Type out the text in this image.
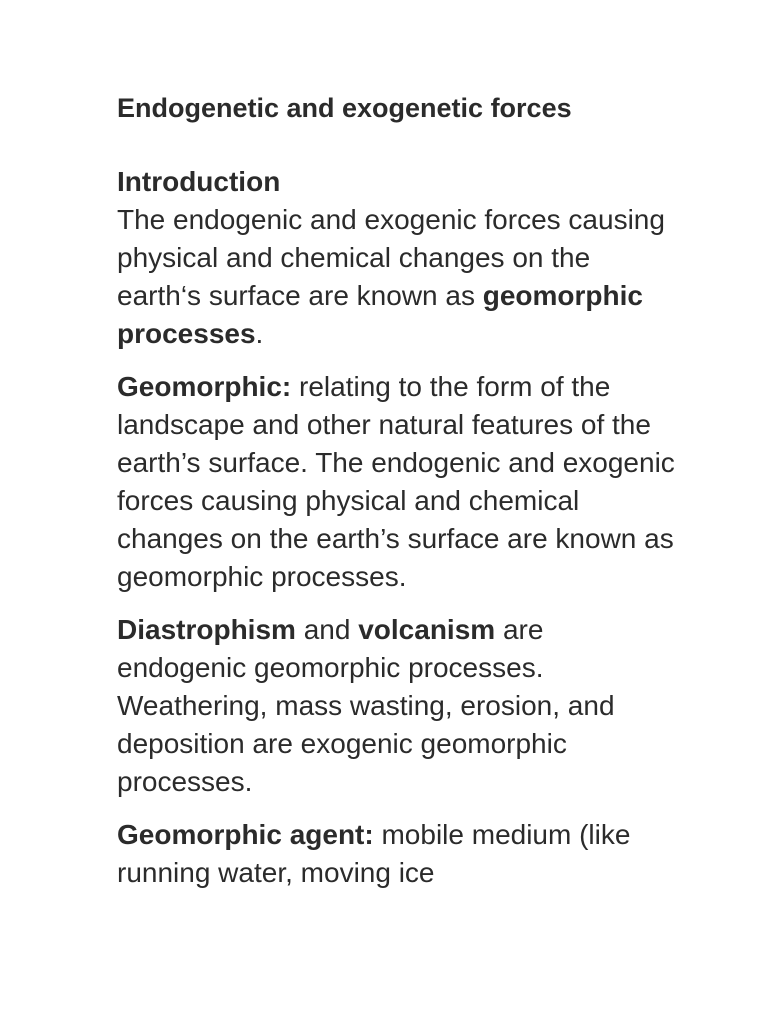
Endogenetic and exogenetic forces
Introduction

The endogenic and exogenic forces causing physical and chemical changes on the earth‘s surface are known as geomorphic processes.

Geomorphic: relating to the form of the landscape and other natural features of the earth’s surface. The endogenic and exogenic forces causing physical and chemical changes on the earth’s surface are known as geomorphic processes.

Diastrophism and volcanism are endogenic geomorphic processes. Weathering, mass wasting, erosion, and deposition are exogenic geomorphic processes.

Geomorphic agent: mobile medium (like running water, moving ice
